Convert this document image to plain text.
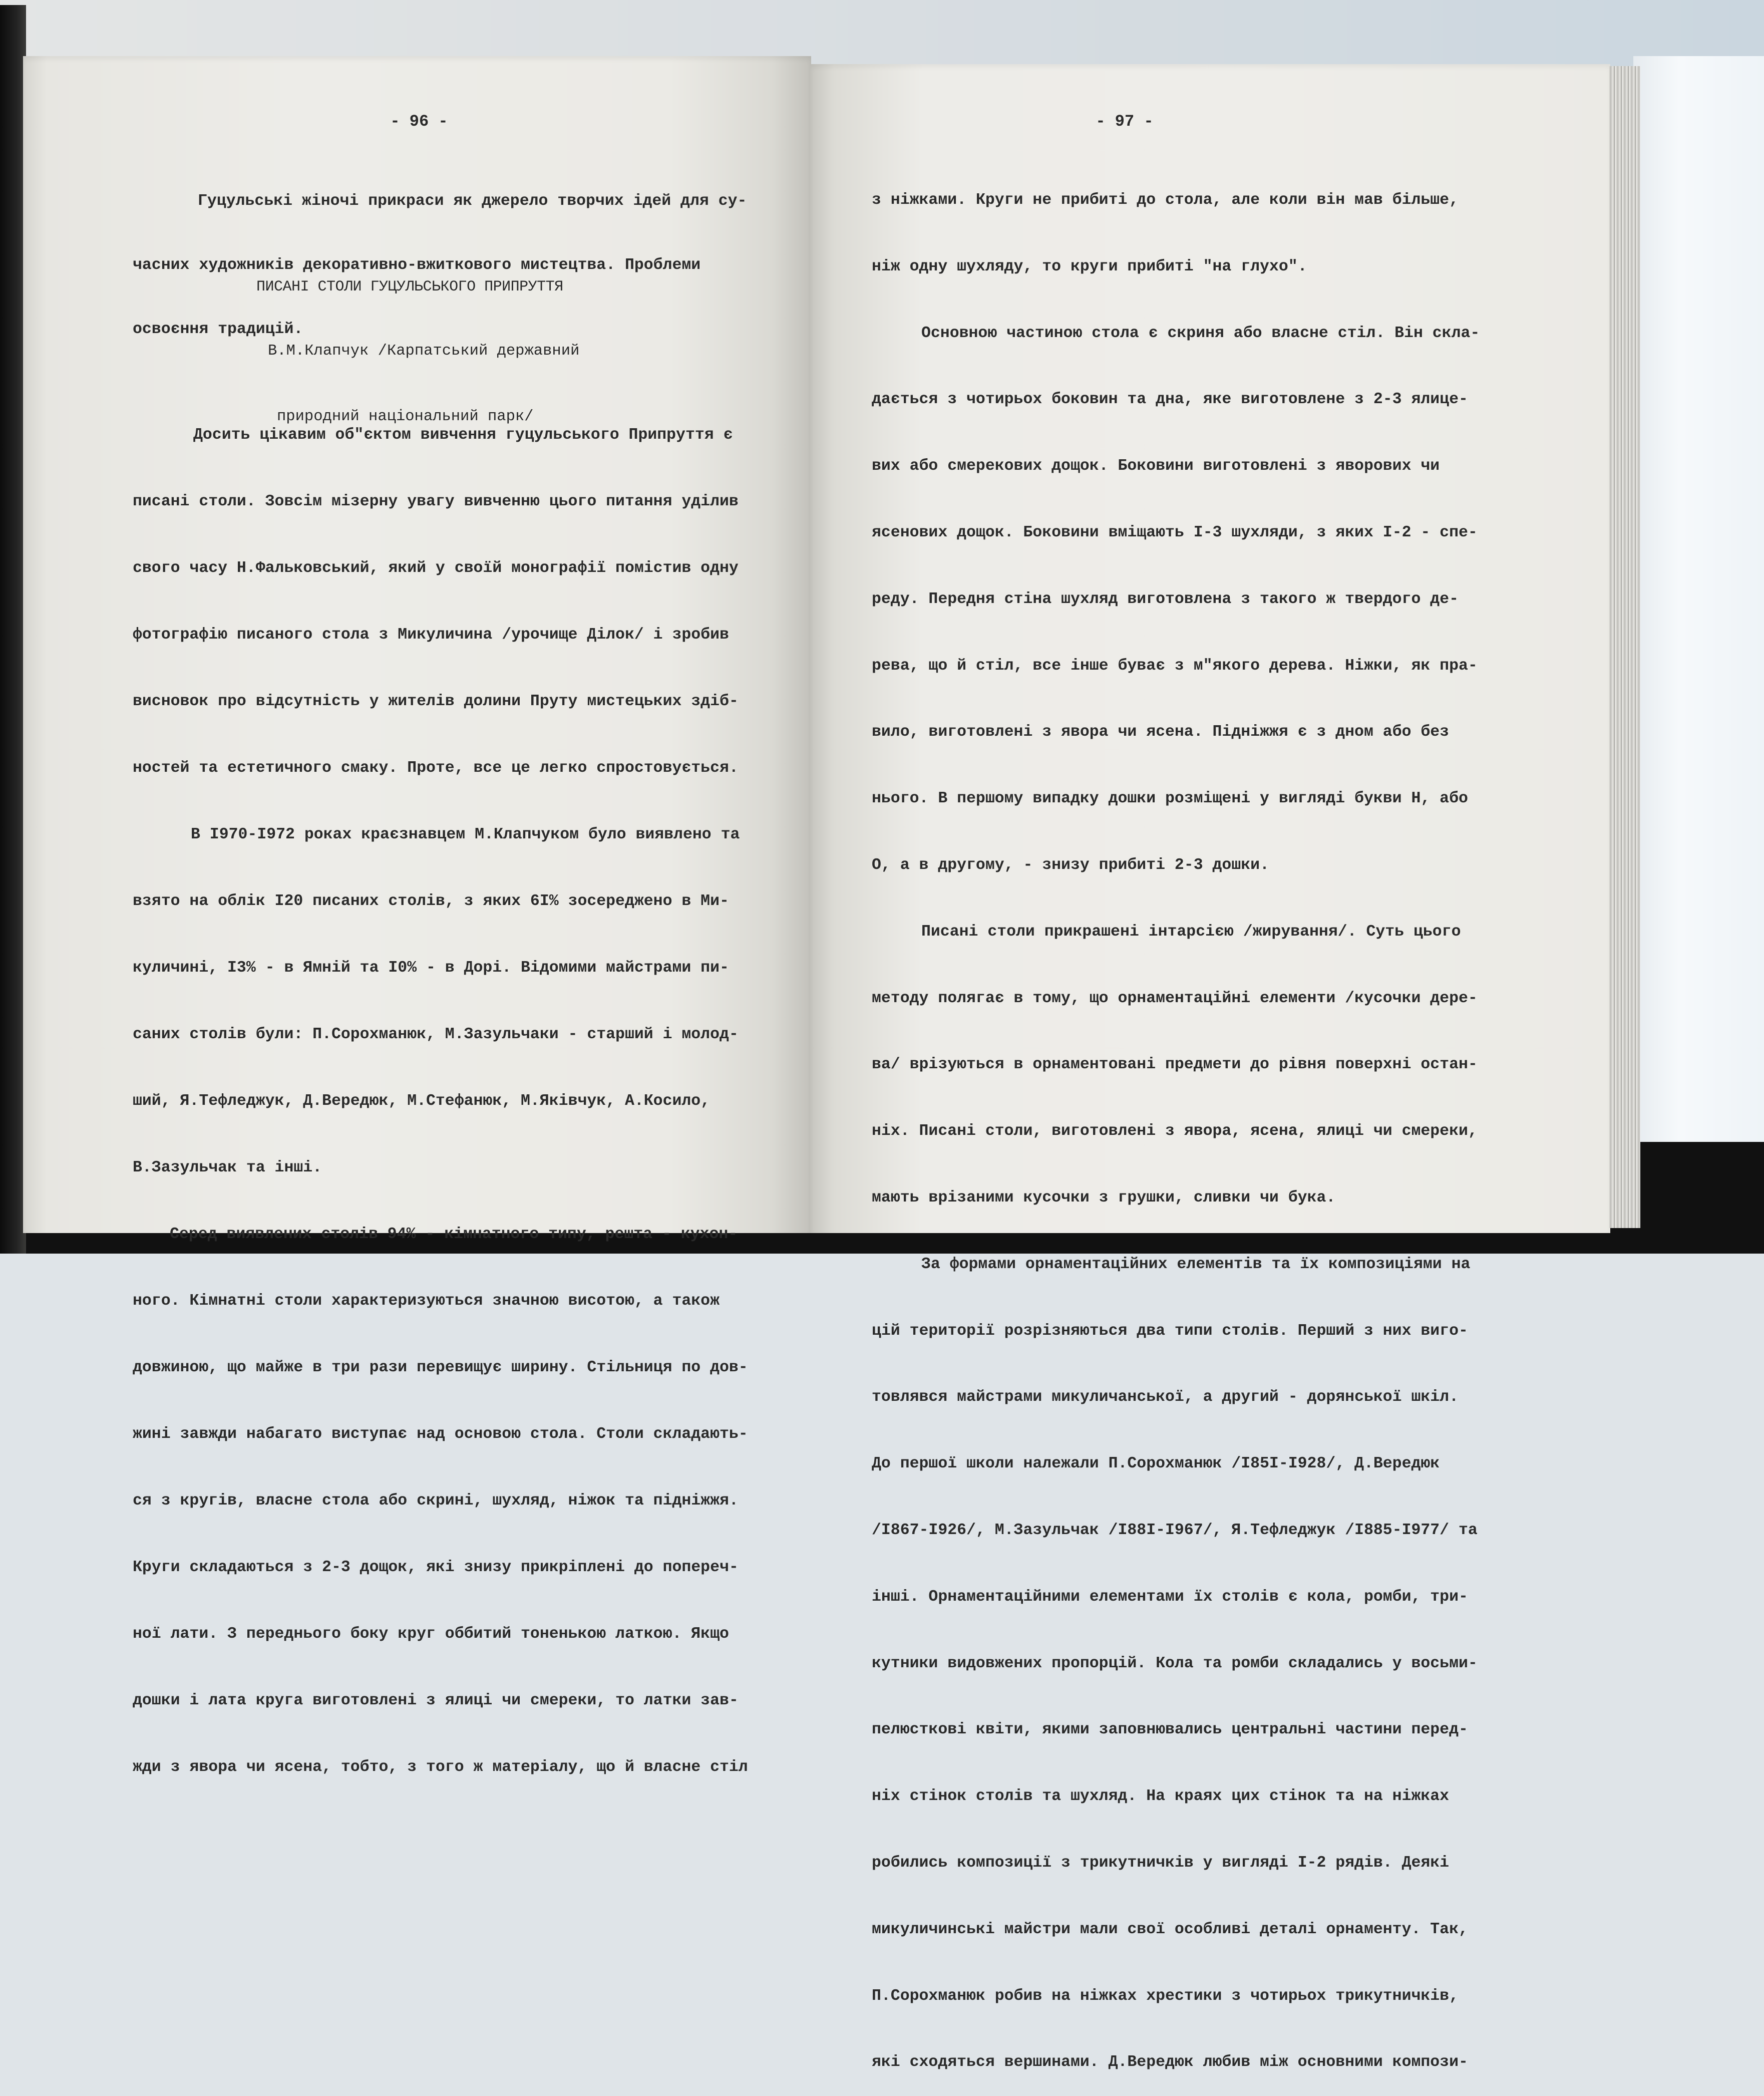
- 96 -

Гуцульські жіночі прикраси як джерело творчих ідей для су-

часних художників декоративно-вжиткового мистецтва. Проблеми

освоєння традицій.

ПИСАНІ СТОЛИ ГУЦУЛЬСЬКОГО ПРИПРУТТЯ

В.М.Клапчук /Карпатський державний

природний національний парк/

Досить цікавим об"єктом вивчення гуцульського Припруття є

писані столи. Зовсім мізерну увагу вивченню цього питання уділив

свого часу Н.Фальковський, який у своїй монографії помістив одну

фотографію писаного стола з Микуличина /урочище Ділок/ і зробив

висновок про відсутність у жителів долини Пруту мистецьких здіб-

ностей та естетичного смаку. Проте, все це легко спростовується.

В І970-І972 роках краєзнавцем М.Клапчуком було виявлено та

взято на облік І20 писаних столів, з яких 6І% зосереджено в Ми-

куличині, І3% - в Ямній та І0% - в Дорі. Відомими майстрами пи-

саних столів були: П.Сорохманюк, М.Зазульчаки - старший і молод-

ший, Я.Тефледжук, Д.Вередюк, М.Стефанюк, М.Яківчук, А.Косило,

В.Зазульчак та інші.

Серед виявлених столів 94% - кімнатного типу, решта - кухон-

ного. Кімнатні столи характеризуються значною висотою, а також

довжиною, що майже в три рази перевищує ширину. Стільниця по дов-

жині завжди набагато виступає над основою стола. Столи складають-

ся з кругів, власне стола або скрині, шухляд, ніжок та підніжжя.

Круги складаються з 2-3 дощок, які знизу прикріплені до попереч-

ної лати. З переднього боку круг оббитий тоненькою латкою. Якщо

дошки і лата круга виготовлені з ялиці чи смереки, то латки зав-

жди з явора чи ясена, тобто, з того ж матеріалу, що й власне стіл

- 97 -

з ніжками. Круги не прибиті до стола, але коли він мав більше,

ніж одну шухляду, то круги прибиті "на глухо".

Основною частиною стола є скриня або власне стіл. Він скла-

дається з чотирьох боковин та дна, яке виготовлене з 2-3 ялице-

вих або смерекових дощок. Боковини виготовлені з яворових чи

ясенових дощок. Боковини вміщають І-3 шухляди, з яких І-2 - спе-

реду. Передня стіна шухляд виготовлена з такого ж твердого де-

рева, що й стіл, все інше буває з м"якого дерева. Ніжки, як пра-

вило, виготовлені з явора чи ясена. Підніжжя є з дном або без

нього. В першому випадку дошки розміщені у вигляді букви Н, або

О, а в другому, - знизу прибиті 2-3 дошки.

Писані столи прикрашені інтарсією /жирування/. Суть цього

методу полягає в тому, що орнаментаційні елементи /кусочки дере-

ва/ врізуються в орнаментовані предмети до рівня поверхні остан-

ніх. Писані столи, виготовлені з явора, ясена, ялиці чи смереки,

мають врізаними кусочки з грушки, сливки чи бука.

За формами орнаментаційних елементів та їх композиціями на

цій території розрізняються два типи столів. Перший з них виго-

товлявся майстрами микуличанської, а другий - дорянської шкіл.

До першої школи належали П.Сорохманюк /І85І-І928/, Д.Вередюк

/І867-І926/, М.Зазульчак /І88І-І967/, Я.Тефледжук /І885-І977/ та

інші. Орнаментаційними елементами їх столів є кола, ромби, три-

кутники видовжених пропорцій. Кола та ромби складались у восьми-

пелюсткові квіти, якими заповнювались центральні частини перед-

ніх стінок столів та шухляд. На краях цих стінок та на ніжках

робились композиції з трикутничків у вигляді І-2 рядів. Деякі

микуличинські майстри мали свої особливі деталі орнаменту. Так,

П.Сорохманюк робив на ніжках хрестики з чотирьох трикутничків,

які сходяться вершинами. Д.Вередюк любив між основними компози-
